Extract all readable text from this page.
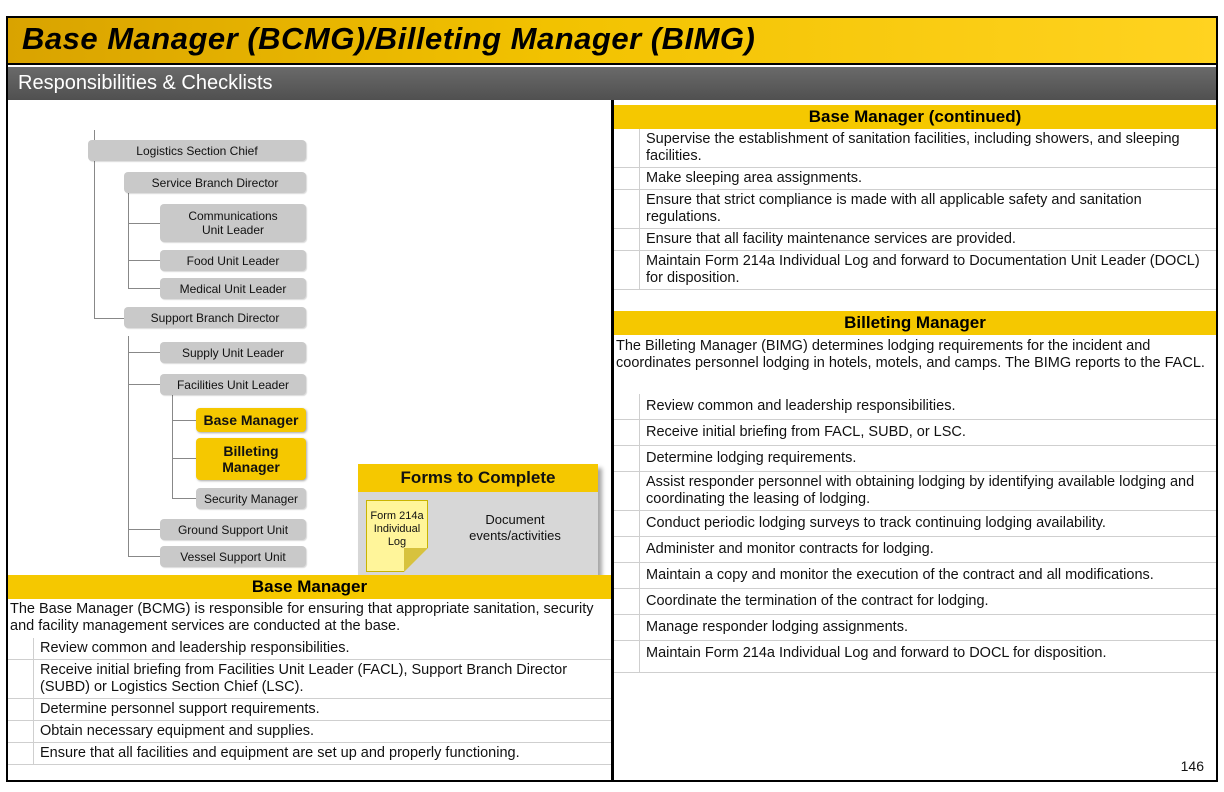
Base Manager (BCMG)/Billeting Manager (BIMG)
Responsibilities & Checklists
Logistics Section Chief
Service Branch Director
Communications Unit Leader
Food Unit Leader
Medical Unit Leader
Support Branch Director
Supply Unit Leader
Facilities Unit Leader
Base Manager
Billeting Manager
Security Manager
Ground Support Unit
Vessel Support Unit
Forms to Complete
Form 214a Individual Log
Document events/activities
Base Manager
The Base Manager (BCMG) is responsible for ensuring that appropriate sanitation, security and facility management services are conducted at the base.
Review common and leadership responsibilities.
Receive initial briefing from Facilities Unit Leader (FACL), Support Branch Director (SUBD) or Logistics Section Chief (LSC).
Determine personnel support requirements.
Obtain necessary equipment and supplies.
Ensure that all facilities and equipment are set up and properly functioning.
Base Manager (continued)
Supervise the establishment of sanitation facilities, including showers, and sleeping facilities.
Make sleeping area assignments.
Ensure that strict compliance is made with all applicable safety and sanitation regulations.
Ensure that all facility maintenance services are provided.
Maintain Form 214a Individual Log and forward to Documentation Unit Leader (DOCL) for disposition.
Billeting Manager
The Billeting Manager (BIMG) determines lodging requirements for the incident and coordinates personnel lodging in hotels, motels, and camps. The BIMG reports to the FACL.
Review common and leadership responsibilities.
Receive initial briefing from FACL, SUBD, or LSC.
Determine lodging requirements.
Assist responder personnel with obtaining lodging by identifying available lodging and coordinating the leasing of lodging.
Conduct periodic lodging surveys to track continuing lodging availability.
Administer and monitor contracts for lodging.
Maintain a copy and monitor the execution of the contract and all modifications.
Coordinate the termination of the contract for lodging.
Manage responder lodging assignments.
Maintain Form 214a Individual Log and forward to DOCL for disposition.
146
